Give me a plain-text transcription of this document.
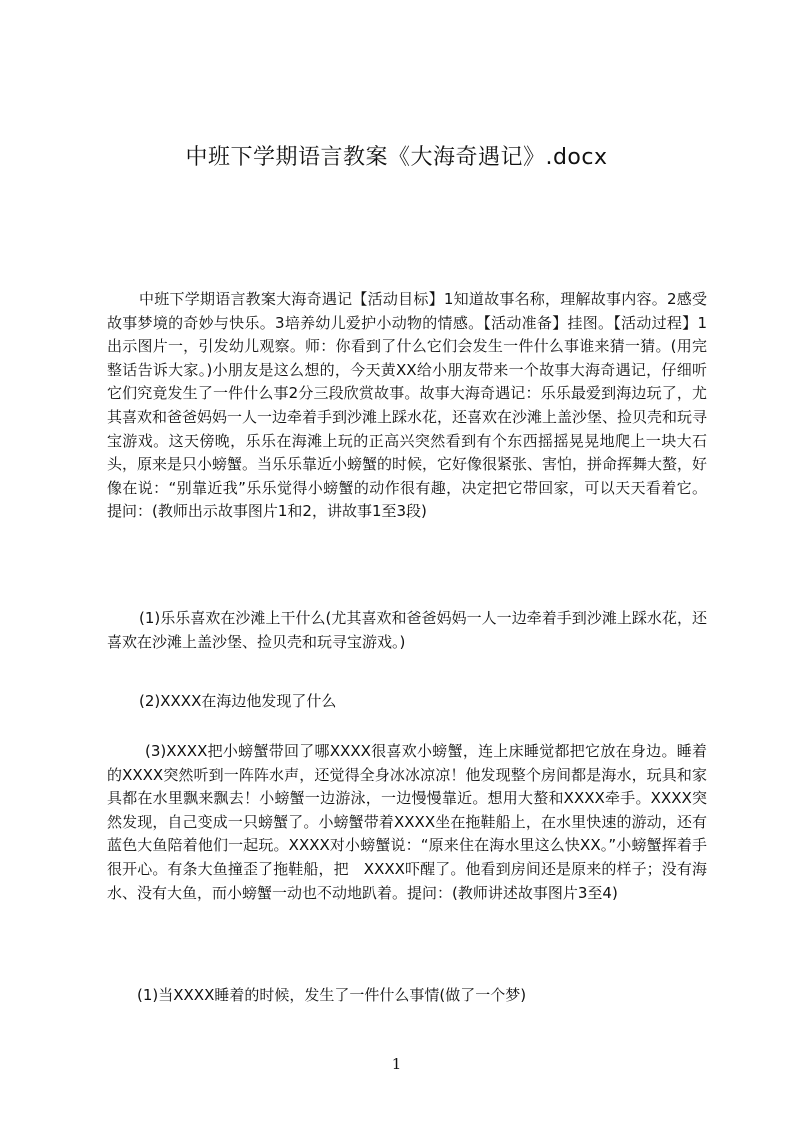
中班下学期语言教案《大海奇遇记》.docx
中班下学期语言教案大海奇遇记【活动目标】1知道故事名称，理解故事内容。2感受故事梦境的奇妙与快乐。3培养幼儿爱护小动物的情感。【活动准备】挂图。【活动过程】1出示图片一，引发幼儿观察。师：你看到了什么它们会发生一件什么事谁来猜一猜。(用完整话告诉大家。)小朋友是这么想的，今天黄XX给小朋友带来一个故事大海奇遇记，仔细听它们究竟发生了一件什么事2分三段欣赏故事。故事大海奇遇记：乐乐最爱到海边玩了，尤其喜欢和爸爸妈妈一人一边牵着手到沙滩上踩水花，还喜欢在沙滩上盖沙堡、捡贝壳和玩寻宝游戏。这天傍晚，乐乐在海滩上玩的正高兴突然看到有个东西摇摇晃晃地爬上一块大石头，原来是只小螃蟹。当乐乐靠近小螃蟹的时候，它好像很紧张、害怕，拼命挥舞大螯，好像在说：“别靠近我”乐乐觉得小螃蟹的动作很有趣，决定把它带回家，可以天天看着它。提问：(教师出示故事图片1和2，讲故事1至3段)
(1)乐乐喜欢在沙滩上干什么(尤其喜欢和爸爸妈妈一人一边牵着手到沙滩上踩水花，还喜欢在沙滩上盖沙堡、捡贝壳和玩寻宝游戏。)
(2)XXXX在海边他发现了什么
(3)XXXX把小螃蟹带回了哪XXXX很喜欢小螃蟹，连上床睡觉都把它放在身边。睡着的XXXX突然听到一阵阵水声，还觉得全身冰冰凉凉！他发现整个房间都是海水，玩具和家具都在水里飘来飘去！小螃蟹一边游泳，一边慢慢靠近。想用大螯和XXXX牵手。XXXX突然发现，自己变成一只螃蟹了。小螃蟹带着XXXX坐在拖鞋船上，在水里快速的游动，还有蓝色大鱼陪着他们一起玩。XXXX对小螃蟹说：“原来住在海水里这么快XX。”小螃蟹挥着手很开心。有条大鱼撞歪了拖鞋船，把　XXXX吓醒了。他看到房间还是原来的样子；没有海水、没有大鱼，而小螃蟹一动也不动地趴着。提问：(教师讲述故事图片3至4)
(1)当XXXX睡着的时候，发生了一件什么事情(做了一个梦)
1
